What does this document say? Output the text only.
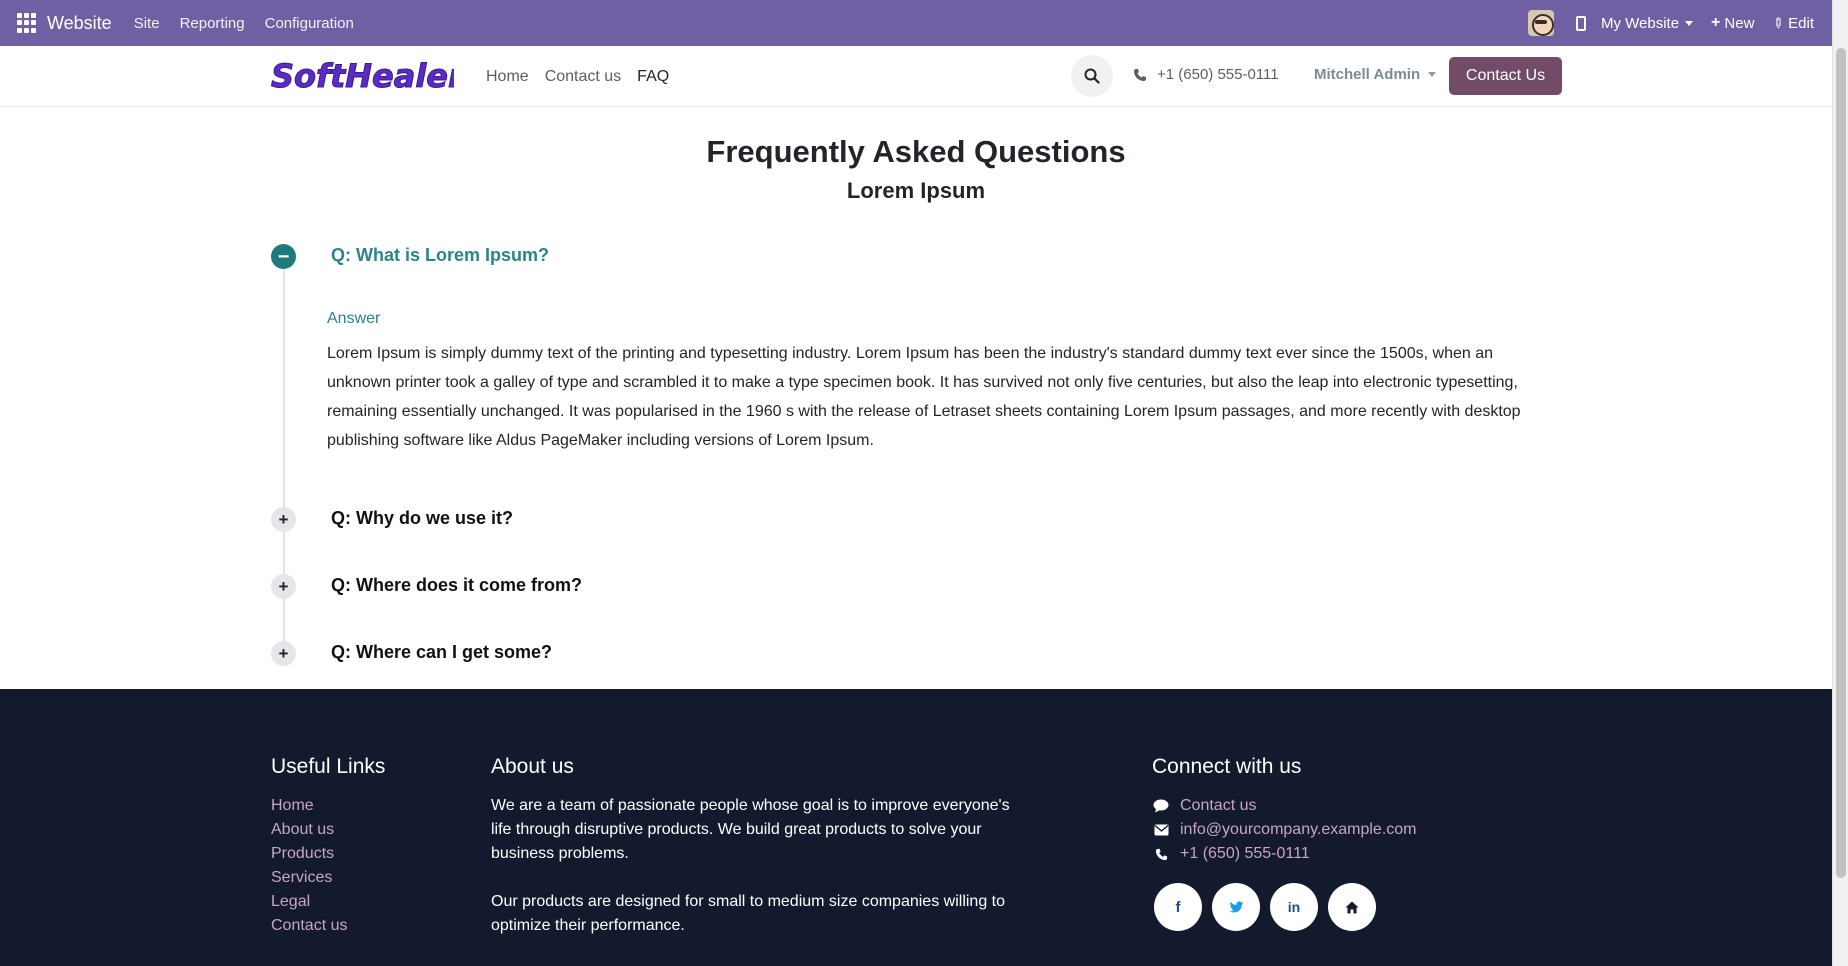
Website Site Reporting Configuration	My Website + New ✎ Edit
SoftHealer Home Contact us FAQ	+1 (650) 555-0111 Mitchell Admin	Contact Us
Frequently Asked Questions
Lorem Ipsum
−	Q: What is Lorem Ipsum?
Answer

Lorem Ipsum is simply dummy text of the printing and typesetting industry. Lorem Ipsum has been the industry's standard dummy text ever since the 1500s, when an unknown printer took a galley of type and scrambled it to make a type specimen book. It has survived not only five centuries, but also the leap into electronic typesetting, remaining essentially unchanged. It was popularised in the 1960 s with the release of Letraset sheets containing Lorem Ipsum passages, and more recently with desktop publishing software like Aldus PageMaker including versions of Lorem Ipsum.

+	Q: Why do we use it?
+	Q: Where does it come from?
+	Q: Where can I get some?
Useful Links
Home
About us
Products
Services
Legal
Contact us
About us

We are a team of passionate people whose goal is to improve everyone's life through disruptive products. We build great products to solve your business problems.

Our products are designed for small to medium size companies willing to optimize their performance.

Connect with us
Contact us
info@yourcompany.example.com
+1 (650) 555-0111
f	in
